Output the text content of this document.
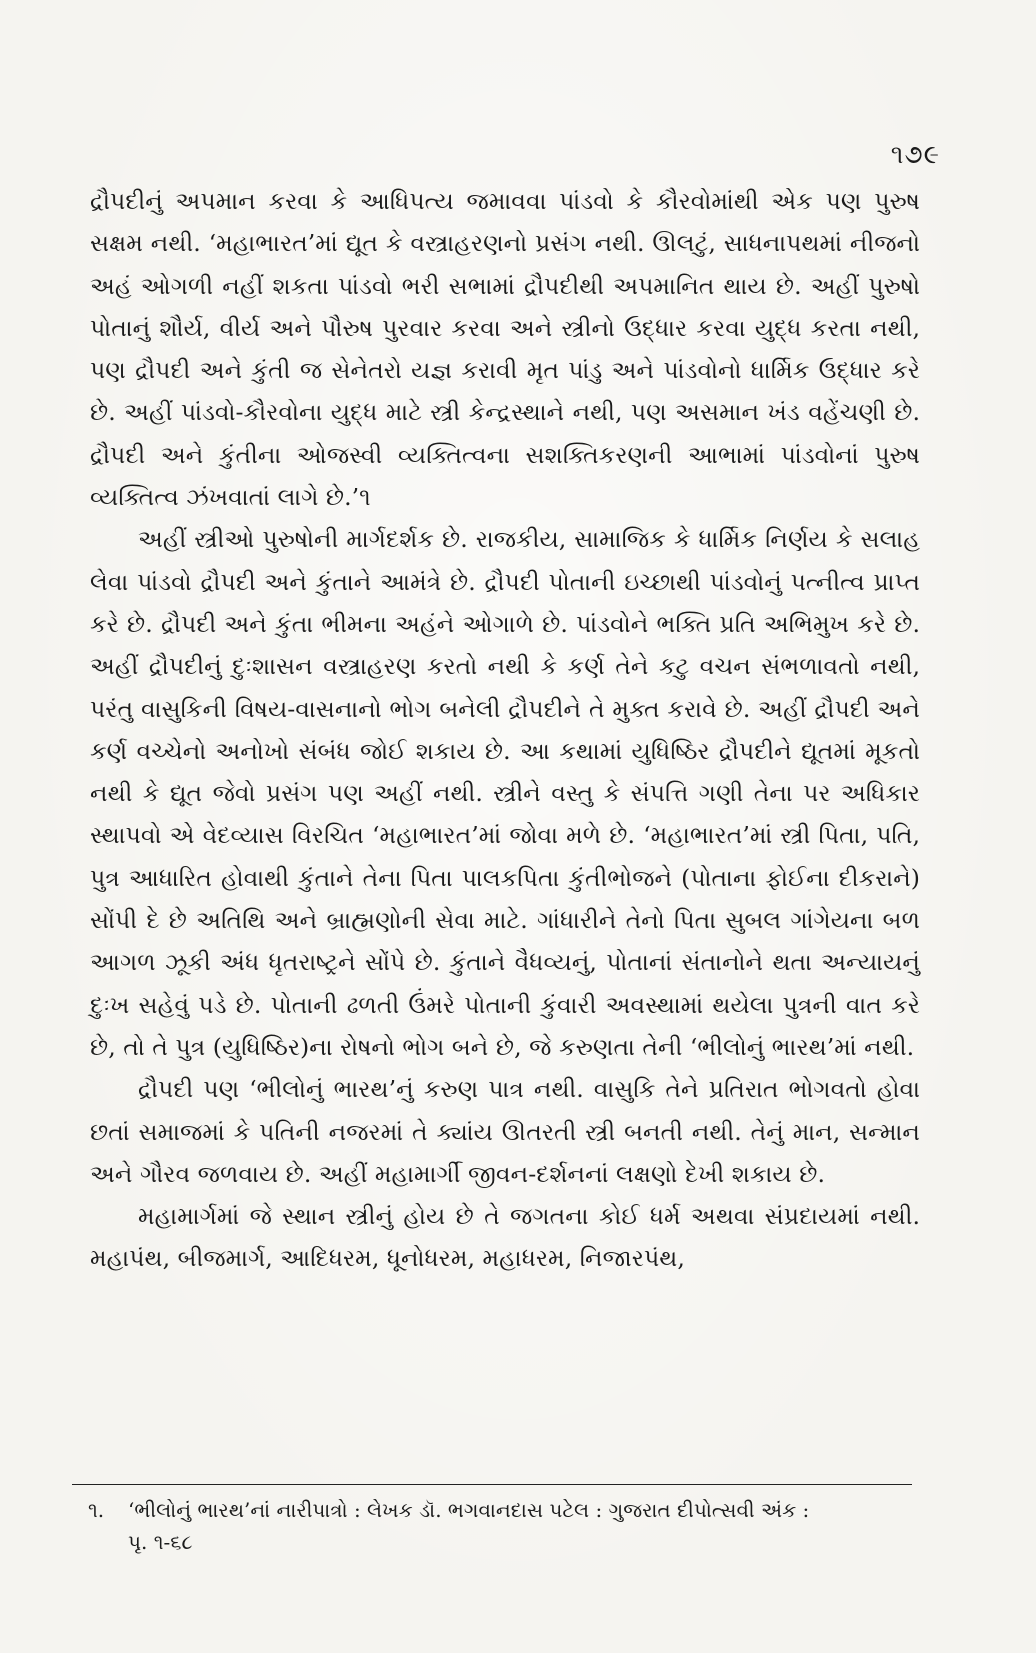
૧૭૯

દ્રૌપદીનું અપમાન કરવા કે આધિપત્ય જમાવવા પાંડવો કે કૌરવોમાંથી એક પણ પુરુષ સક્ષમ નથી. ‘મહાભારત’માં દ્યૂત કે વસ્ત્રાહરણનો પ્રસંગ નથી. ઊલટું, સાધનાપથમાં નીજનો અહં ઓગળી નહીં શકતા પાંડવો ભરી સભામાં દ્રૌપદીથી અપમાનિત થાય છે. અહીં પુરુષો પોતાનું શૌર્ય, વીર્ય અને પૌરુષ પુરવાર કરવા અને સ્ત્રીનો ઉદ્ધાર કરવા યુદ્ધ કરતા નથી, પણ દ્રૌપદી અને કુંતી જ સેનેતરો યજ્ઞ કરાવી મૃત પાંડુ અને પાંડવોનો ધાર્મિક ઉદ્ધાર કરે છે. અહીં પાંડવો-કૌરવોના યુદ્ધ માટે સ્ત્રી કેન્દ્રસ્થાને નથી, પણ અસમાન ખંડ વહેંચણી છે. દ્રૌપદી અને કુંતીના ઓજસ્વી વ્યક્તિત્વના સશક્તિકરણની આભામાં પાંડવોનાં પુરુષ વ્યક્તિત્વ ઝંખવાતાં લાગે છે.’૧

અહીં સ્ત્રીઓ પુરુષોની માર્ગદર્શક છે. રાજકીય, સામાજિક કે ધાર્મિક નિર્ણય કે સલાહ લેવા પાંડવો દ્રૌપદી અને કુંતાને આમંત્રે છે. દ્રૌપદી પોતાની ઇચ્છાથી પાંડવોનું પત્નીત્વ પ્રાપ્ત કરે છે. દ્રૌપદી અને કુંતા ભીમના અહંને ઓગાળે છે. પાંડવોને ભક્તિ પ્રતિ અભિમુખ કરે છે. અહીં દ્રૌપદીનું દુઃશાસન વસ્ત્રાહરણ કરતો નથી કે કર્ણ તેને કટુ વચન સંભળાવતો નથી, પરંતુ વાસુકિની વિષય-વાસનાનો ભોગ બનેલી દ્રૌપદીને તે મુક્ત કરાવે છે. અહીં દ્રૌપદી અને કર્ણ વચ્ચેનો અનોખો સંબંધ જોઈ શકાય છે. આ કથામાં યુધિષ્ઠિર દ્રૌપદીને દ્યૂતમાં મૂકતો નથી કે દ્યૂત જેવો પ્રસંગ પણ અહીં નથી. સ્ત્રીને વસ્તુ કે સંપત્તિ ગણી તેના પર અધિકાર સ્થાપવો એ વેદવ્યાસ વિરચિત ‘મહાભારત’માં જોવા મળે છે. ‘મહાભારત’માં સ્ત્રી પિતા, પતિ, પુત્ર આધારિત હોવાથી કુંતાને તેના પિતા પાલકપિતા કુંતીભોજને (પોતાના ફોઈના દીકરાને) સોંપી દે છે અતિથિ અને બ્રાહ્મણોની સેવા માટે. ગાંધારીને તેનો પિતા સુબલ ગાંગેયના બળ આગળ ઝૂકી અંધ ધૃતરાષ્ટ્રને સોંપે છે. કુંતાને વૈધવ્યનું, પોતાનાં સંતાનોને થતા અન્યાયનું દુઃખ સહેવું પડે છે. પોતાની ઢળતી ઉંમરે પોતાની કુંવારી અવસ્થામાં થયેલા પુત્રની વાત કરે છે, તો તે પુત્ર (યુધિષ્ઠિર)ના રોષનો ભોગ બને છે, જે કરુણતા તેની ‘ભીલોનું ભારથ’માં નથી.

દ્રૌપદી પણ ‘ભીલોનું ભારથ’નું કરુણ પાત્ર નથી. વાસુકિ તેને પ્રતિરાત ભોગવતો હોવા છતાં સમાજમાં કે પતિની નજરમાં તે ક્યાંય ઊતરતી સ્ત્રી બનતી નથી. તેનું માન, સન્માન અને ગૌરવ જળવાય છે. અહીં મહામાર્ગી જીવન-દર્શનનાં લક્ષણો દેખી શકાય છે.

મહામાર્ગમાં જે સ્થાન સ્ત્રીનું હોય છે તે જગતના કોઈ ધર્મ અથવા સંપ્રદાયમાં નથી. મહાપંથ, બીજમાર્ગ, આદિધરમ, ધૂનોધરમ, મહાધરમ, નિજારપંથ,

૧. ‘ભીલોનું ભારથ’નાં નારીપાત્રો : લેખક ડૉ. ભગવાનદાસ પટેલ : ગુજરાત દીપોત્સવી અંક :
પૃ. ૧-૬૮
